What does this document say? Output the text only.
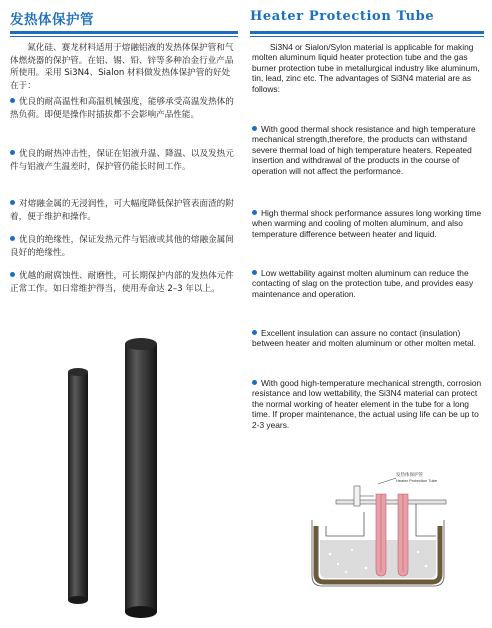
发热体保护管

氮化硅、赛龙材料适用于熔融铝液的发热体保护管和气体燃烧器的保护管。在铝、锡、铅、锌等多种冶金行业产品所使用。采用 Si3N4、Sialon 材料做发热体保护管的好处在于：

优良的耐高温性和高温机械强度，能够承受高温发热体的热负荷。即便是操作时插拔都不会影响产品性能。
优良的耐热冲击性，保证在铝液升温、降温、以及发热元件与铝液产生温差时，保护管仍能长时间工作。
对熔融金属的无浸润性，可大幅度降低保护管表面渣的附着，便于维护和操作。
优良的绝缘性，保证发热元件与铝液或其他的熔融金属间良好的绝缘性。
优越的耐腐蚀性、耐磨性，可长期保护内部的发热体元件正常工作。如日常维护得当，使用寿命达 2–3 年以上。
Heater Protection Tube

Si3N4 or Sialon/Sylon material is applicable for making molten aluminum liquid heater protection tube and the gas burner protection tube in metallurgical industry like aluminum, tin, lead, zinc etc. The advantages of Si3N4 material are as follows:

With good thermal shock resistance and high temperature mechanical strength,therefore, the products can withstand severe thermal load of high temperature heaters. Repeated insertion and withdrawal of the products in the course of operation will not affect the performance.
High thermal shock performance assures long working time when warming and cooling of molten aluminum, and also temperature difference between heater and liquid.
Low wettability against molten aluminum can reduce the contacting of slag on the protection tube, and provides easy maintenance and operation.
Excellent insulation can assure no contact (insulation) between heater and molten aluminum or other molten metal.
With good high-temperature mechanical strength, corrosion resistance and low wettability, the Si3N4 material can protect the normal working of heater element in the tube for a long time. If proper maintenance, the actual using life can be up to 2-3 years.
发热体保护管
Heater Protection Tube
